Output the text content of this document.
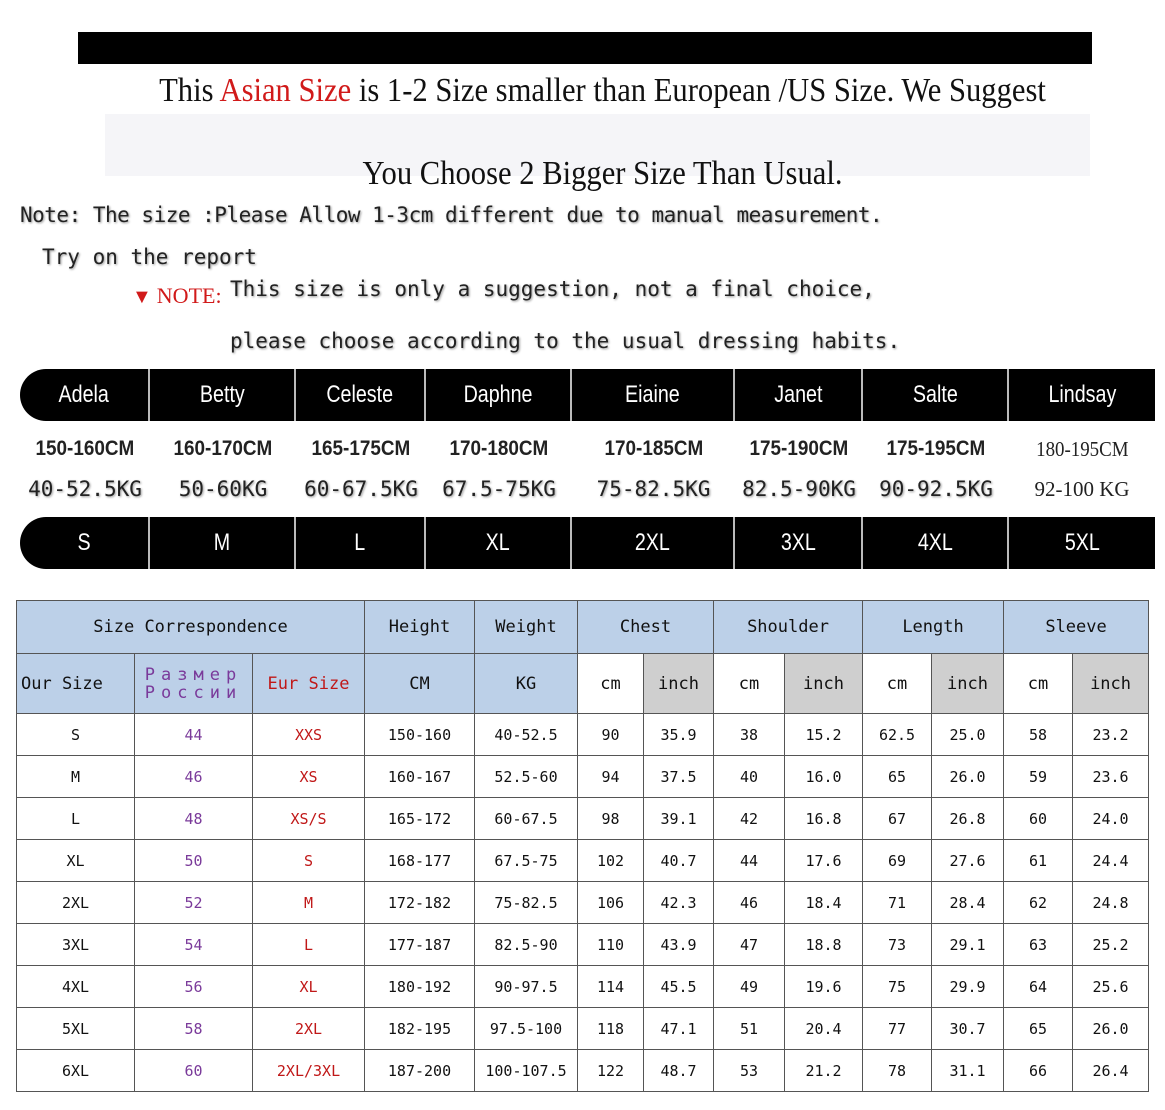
This Asian Size is 1-2 Size smaller than European /US Size. We Suggest
You Choose 2 Bigger Size Than Usual.
Note: The size :Please Allow 1-3cm different due to manual measurement.
Try on the report
▼ NOTE: This size is only a suggestion, not a final choice,
please choose according to the usual dressing habits.
Adela	Betty	Celeste	Daphne	Eiaine	Janet	Salte	Lindsay
150-160CM	160-170CM	165-175CM	170-180CM	170-185CM	175-190CM	175-195CM	180-195CM
40-52.5KG	50-60KG	60-67.5KG	67.5-75KG	75-82.5KG	82.5-90KG	90-92.5KG	92-100 KG
S	M	L	XL	2XL	3XL	4XL	5XL
Size Correspondence			Height	Weight	Chest		Shoulder		Length		Sleeve	
Our Size	Размер России	Eur Size	CM	KG	cm	inch	cm	inch	cm	inch	cm	inch
S	44	XXS	150-160	40-52.5	90	35.9	38	15.2	62.5	25.0	58	23.2
M	46	XS	160-167	52.5-60	94	37.5	40	16.0	65	26.0	59	23.6
L	48	XS/S	165-172	60-67.5	98	39.1	42	16.8	67	26.8	60	24.0
XL	50	S	168-177	67.5-75	102	40.7	44	17.6	69	27.6	61	24.4
2XL	52	M	172-182	75-82.5	106	42.3	46	18.4	71	28.4	62	24.8
3XL	54	L	177-187	82.5-90	110	43.9	47	18.8	73	29.1	63	25.2
4XL	56	XL	180-192	90-97.5	114	45.5	49	19.6	75	29.9	64	25.6
5XL	58	2XL	182-195	97.5-100	118	47.1	51	20.4	77	30.7	65	26.0
6XL	60	2XL/3XL	187-200	100-107.5	122	48.7	53	21.2	78	31.1	66	26.4
